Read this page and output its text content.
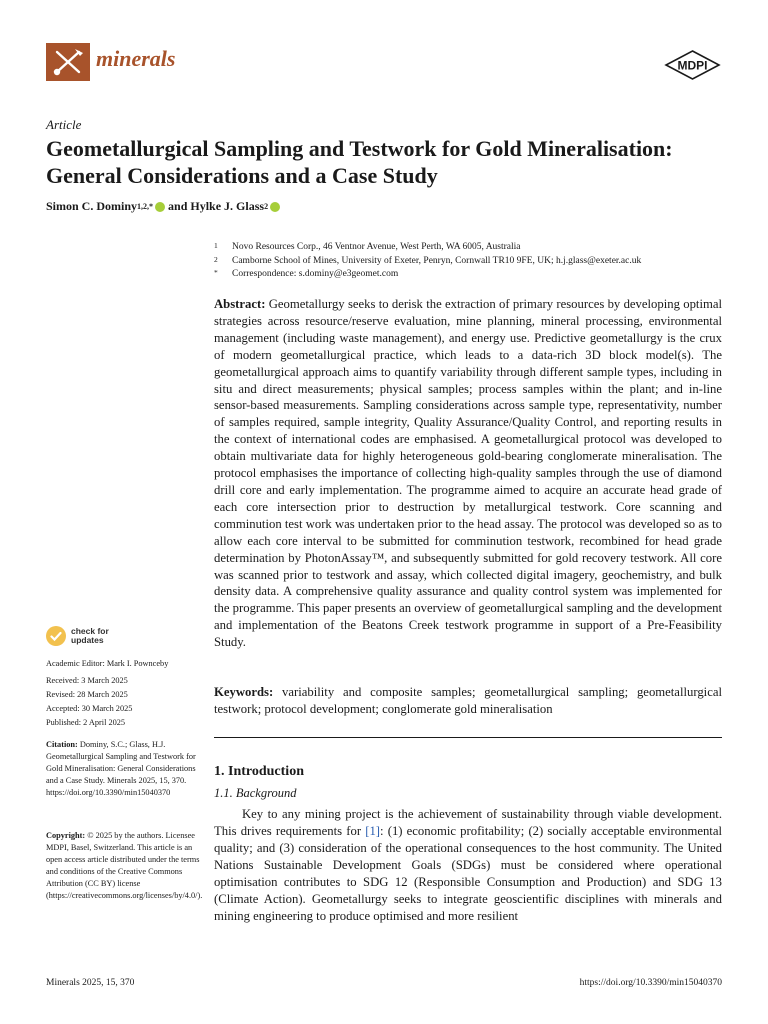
minerals	MDPI
Article
Geometallurgical Sampling and Testwork for Gold Mineralisation: General Considerations and a Case Study
Simon C. Dominy 1,2,* and
Hylke J. Glass 2
1 Novo Resources Corp., 46 Ventnor Avenue, West Perth, WA 6005, Australia
2 Camborne School of Mines, University of Exeter, Penryn, Cornwall TR10 9FE, UK; h.j.glass@exeter.ac.uk
* Correspondence: s.dominy@e3geomet.com
Abstract: Geometallurgy seeks to derisk the extraction of primary resources by developing optimal strategies across resource/reserve evaluation, mine planning, mineral processing, environmental management (including waste management), and energy use. Predictive geometallurgy is the crux of modern geometallurgical practice, which leads to a data-rich 3D block model(s). The geometallurgical approach aims to quantify variability through different sample types, including in situ and direct measurements; physical samples; process samples within the plant; and in-line sensor-based measurements. Sampling considerations across sample type, representativity, number of samples required, sample integrity, Quality Assurance/Quality Control, and reporting results in the context of international codes are emphasised. A geometallurgical protocol was developed to obtain multivariate data for highly heterogeneous gold-bearing conglomerate mineralisation. The protocol emphasises the importance of collecting high-quality samples through the use of diamond drill core and early implementation. The programme aimed to acquire an accurate head grade of each core intersection prior to destruction by metallurgical testwork. Core scanning and comminution test work was undertaken prior to the head assay. The protocol was developed so as to allow each core interval to be submitted for comminution testwork, recombined for head grade determination by PhotonAssay™, and subsequently submitted for gold recovery testwork. All core was scanned prior to testwork and assay, which collected digital imagery, geochemistry, and bulk density data. A comprehensive quality assurance and quality control system was implemented for the programme. This paper presents an overview of geometallurgical sampling and the development and implementation of the Beatons Creek testwork programme in support of a Pre-Feasibility Study.
Keywords: variability and composite samples; geometallurgical sampling; geometallurgical testwork; protocol development; conglomerate gold mineralisation
1. Introduction
1.1. Background
Key to any mining project is the achievement of sustainability through viable development. This drives requirements for [1]: (1) economic profitability; (2) socially acceptable environmental quality; and (3) consideration of the operational consequences to the host community. The United Nations Sustainable Development Goals (SDGs) must be considered where operational optimisation contributes to SDG 12 (Responsible Consumption and Production) and SDG 13 (Climate Action). Geometallurgy seeks to integrate geoscientific disciplines with minerals and mining engineering to produce optimised and more resilient
check for
updates
Academic Editor: Mark I. Pownceby
Received: 3 March 2025
Revised: 28 March 2025
Accepted: 30 March 2025
Published: 2 April 2025
Citation: Dominy, S.C.; Glass, H.J. Geometallurgical Sampling and Testwork for Gold Mineralisation: General Considerations and a Case Study. Minerals 2025, 15, 370. https://doi.org/10.3390/min15040370
Copyright: © 2025 by the authors. Licensee MDPI, Basel, Switzerland. This article is an open access article distributed under the terms and conditions of the Creative Commons Attribution (CC BY) license (https://creativecommons.org/licenses/by/4.0/).
Minerals 2025, 15, 370	https://doi.org/10.3390/min15040370
